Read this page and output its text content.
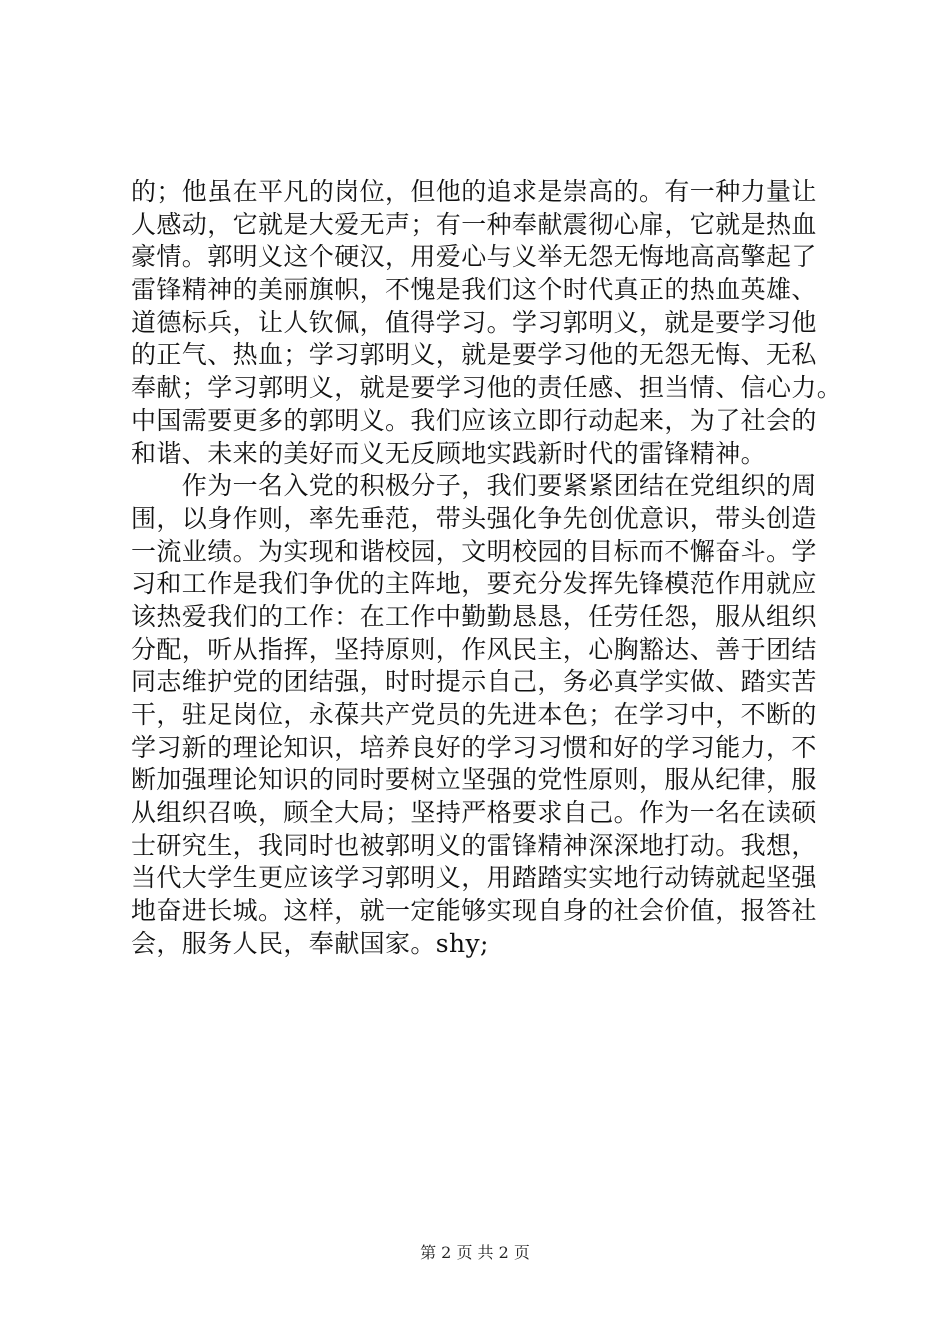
的；他虽在平凡的岗位，但他的追求是崇高的。有一种力量让
人感动，它就是大爱无声；有一种奉献震彻心扉，它就是热血
豪情。郭明义这个硬汉，用爱心与义举无怨无悔地高高擎起了
雷锋精神的美丽旗帜，不愧是我们这个时代真正的热血英雄、
道德标兵，让人钦佩，值得学习。学习郭明义，就是要学习他
的正气、热血；学习郭明义，就是要学习他的无怨无悔、无私
奉献；学习郭明义，就是要学习他的责任感、担当情、信心力。
中国需要更多的郭明义。我们应该立即行动起来，为了社会的
和谐、未来的美好而义无反顾地实践新时代的雷锋精神。
　　作为一名入党的积极分子，我们要紧紧团结在党组织的周
围，以身作则，率先垂范，带头强化争先创优意识，带头创造
一流业绩。为实现和谐校园，文明校园的目标而不懈奋斗。学
习和工作是我们争优的主阵地，要充分发挥先锋模范作用就应
该热爱我们的工作：在工作中勤勤恳恳，任劳任怨，服从组织
分配，听从指挥，坚持原则，作风民主，心胸豁达、善于团结
同志维护党的团结强，时时提示自己，务必真学实做、踏实苦
干，驻足岗位，永葆共产党员的先进本色；在学习中，不断的
学习新的理论知识，培养良好的学习习惯和好的学习能力，不
断加强理论知识的同时要树立坚强的党性原则，服从纪律，服
从组织召唤，顾全大局；坚持严格要求自己。作为一名在读硕
士研究生，我同时也被郭明义的雷锋精神深深地打动。我想，
当代大学生更应该学习郭明义，用踏踏实实地行动铸就起坚强
地奋进长城。这样，就一定能够实现自身的社会价值，报答社
会，服务人民，奉献国家。shy;
第 2 页 共 2 页
